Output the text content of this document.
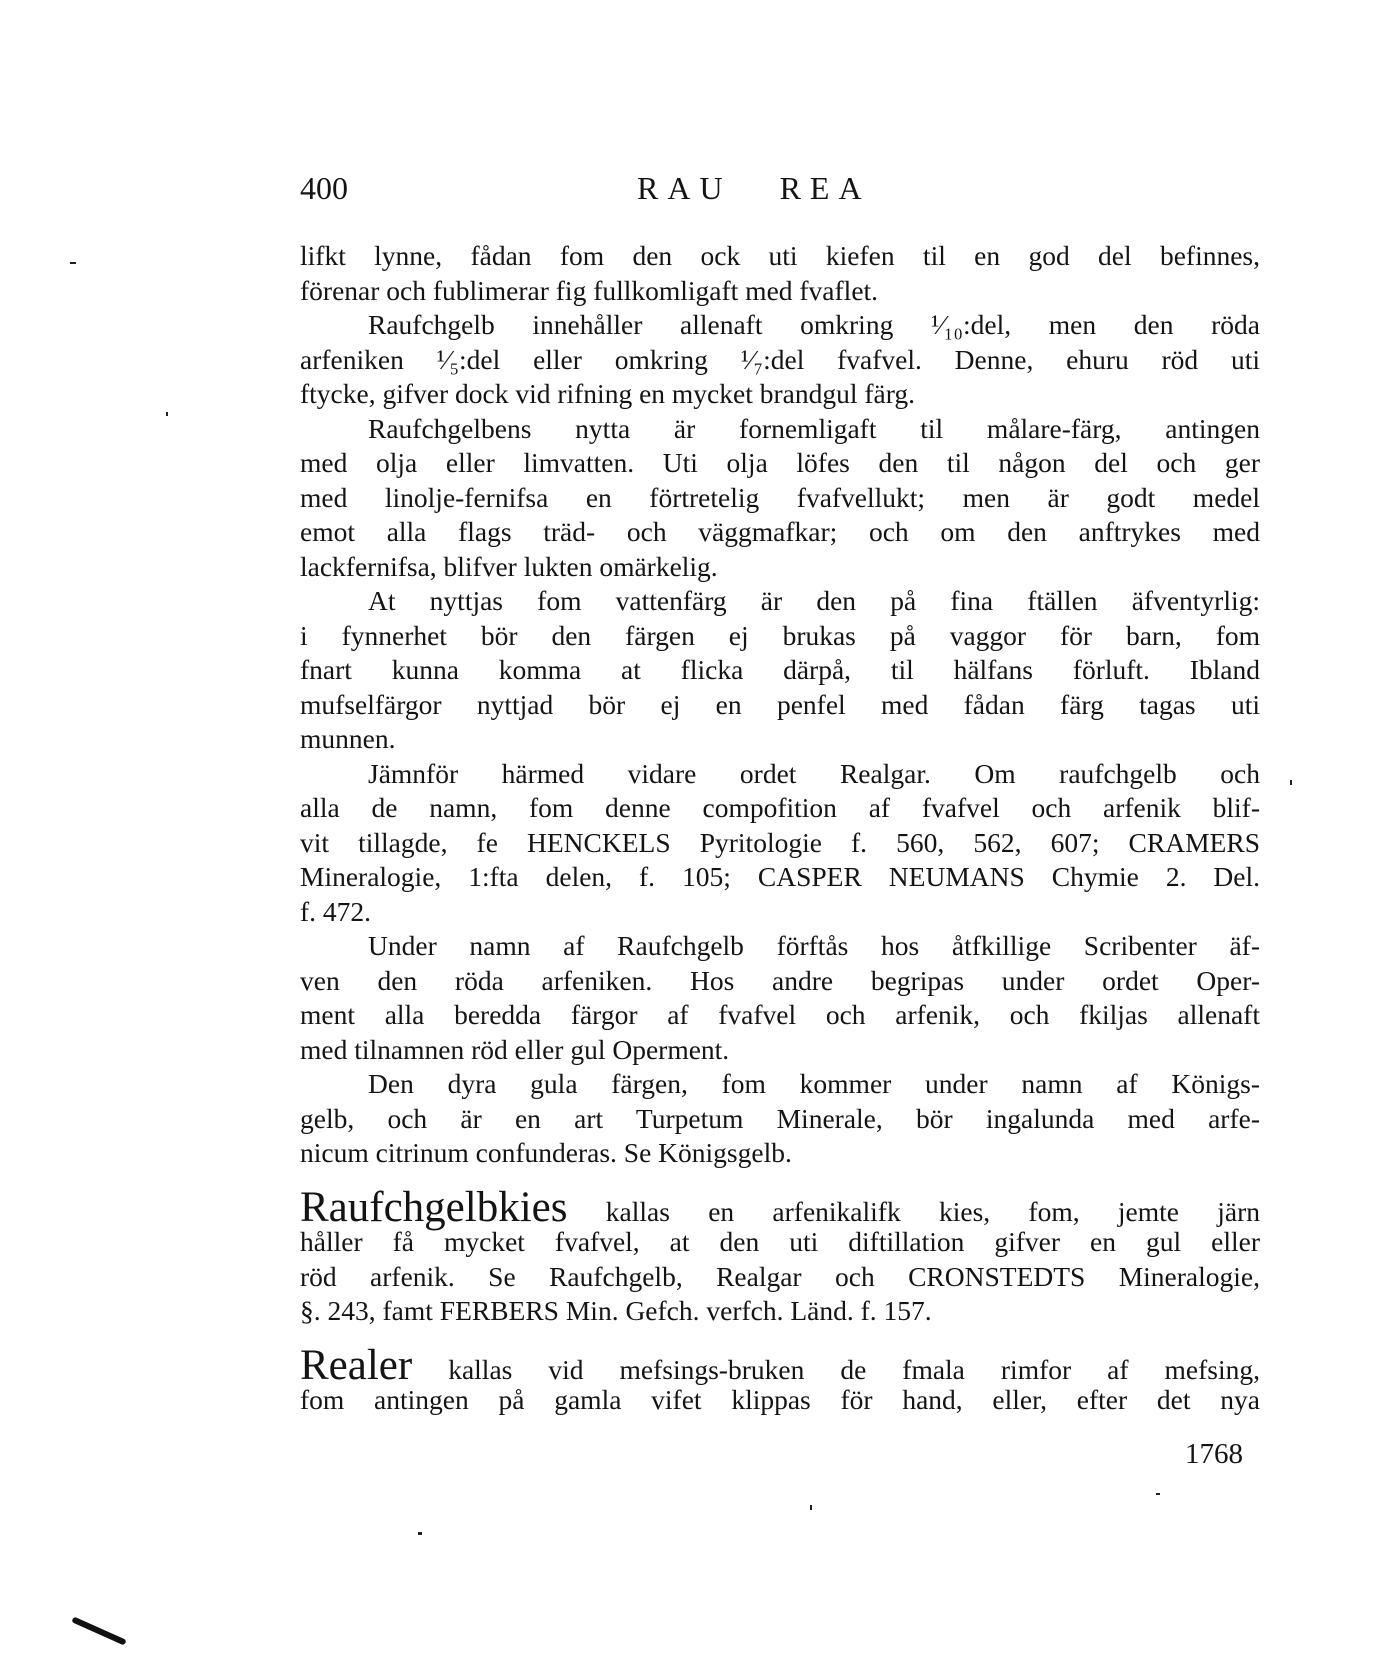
400	RAU REA
lifkt lynne, fådan fom den ock uti kiefen til en god del befinnes,
förenar och fublimerar fig fullkomligaft med fvaflet.
Raufchgelb innehåller allenaft omkring ¹⁄₁₀:del, men den röda
arfeniken ¹⁄₅:del eller omkring ¹⁄₇:del fvafvel. Denne, ehuru röd uti
ftycke, gifver dock vid rifning en mycket brandgul färg.
Raufchgelbens nytta är fornemligaft til målare-färg, antingen
med olja eller limvatten. Uti olja löfes den til någon del och ger
med linolje-fernifsa en förtretelig fvafvellukt; men är godt medel
emot alla flags träd- och väggmafkar; och om den anftrykes med
lackfernifsa, blifver lukten omärkelig.
At nyttjas fom vattenfärg är den på fina ftällen äfventyrlig:
i fynnerhet bör den färgen ej brukas på vaggor för barn, fom
fnart kunna komma at flicka därpå, til hälfans förluft. Ibland
mufselfärgor nyttjad bör ej en penfel med fådan färg tagas uti
munnen.
Jämnför härmed vidare ordet Realgar. Om raufchgelb och
alla de namn, fom denne compofition af fvafvel och arfenik blif-
vit tillagde, fe HENCKELS Pyritologie f. 560, 562, 607; CRAMERS
Mineralogie, 1:fta delen, f. 105; CASPER NEUMANS Chymie 2. Del.
f. 472.
Under namn af Raufchgelb förftås hos åtfkillige Scribenter äf-
ven den röda arfeniken. Hos andre begripas under ordet Oper-
ment alla beredda färgor af fvafvel och arfenik, och fkiljas allenaft
med tilnamnen röd eller gul Operment.
Den dyra gula färgen, fom kommer under namn af Königs-
gelb, och är en art Turpetum Minerale, bör ingalunda med arfe-
nicum citrinum confunderas. Se Königsgelb.
Raufchgelbkies kallas en arfenikalifk kies, fom, jemte järn
håller få mycket fvafvel, at den uti diftillation gifver en gul eller
röd arfenik. Se Raufchgelb, Realgar och CRONSTEDTS Mineralogie,
§. 243, famt FERBERS Min. Gefch. verfch. Länd. f. 157.
Realer kallas vid mefsings-bruken de fmala rimfor af mefsing,
fom antingen på gamla vifet klippas för hand, eller, efter det nya
1768
